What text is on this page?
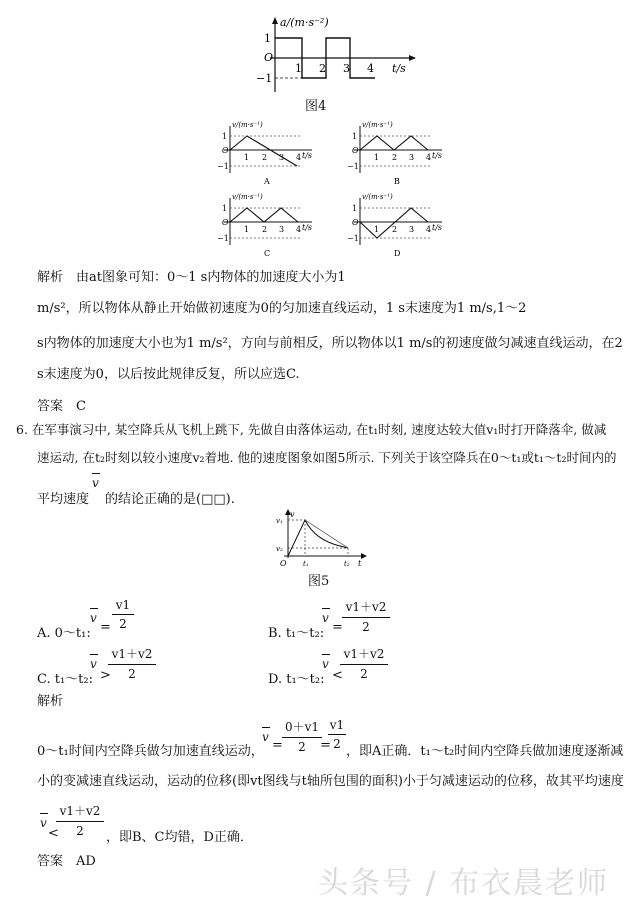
a/(m·s⁻²)
t/s
O
1
−1
1 2 3 4
图4
v/(m·s⁻¹)
t/s
O
1
−1
1 2 3 4
A
v/(m·s⁻¹)
t/s
O
1
−1
1 2 3 4
B
v/(m·s⁻¹)
t/s
O
1
−1
1 2 3 4
C
v/(m·s⁻¹)
t/s
O
1
−1
1 2 3 4
D
解析　由at图象可知：0～1 s内物体的加速度大小为1
m/s²，所以物体从静止开始做初速度为0的匀加速直线运动，1 s末速度为1 m/s,1～2
s内物体的加速度大小也为1 m/s²，方向与前相反，所以物体以1 m/s的初速度做匀减速直线运动，在2
s末速度为0，以后按此规律反复，所以应选C.
答案　C
6. 在军事演习中, 某空降兵从飞机上跳下, 先做自由落体运动, 在t₁时刻, 速度达较大值v₁时打开降落伞, 做减
速运动, 在t₂时刻以较小速度v₂着地. 他的速度图象如图5所示. 下列关于该空降兵在0～t₁或t₁～t₂时间内的
平均速度
v
的结论正确的是(□□).
v
v₁
v₂
O t₁	t₂ t
图5
A. 0～t₁:
v
=
v1
2
B. t₁～t₂:
v
=
v1＋v2
2
C. t₁～t₂:
v
>
v1＋v2
2	D. t₁～t₂:
v
<
v1＋v2
2
解析
0～t₁时间内空降兵做匀加速直线运动，
v
=
0＋v1
2	=
v1
2 ，即A正确．t₁～t₂时间内空降兵做加速度逐渐减
小的变减速直线运动，运动的位移(即vt图线与t轴所包围的面积)小于匀减速运动的位移，故其平均速度
v
<
v1＋v2
2	，即B、C均错，D正确．
答案　AD
头条号 / 布衣晨老师
